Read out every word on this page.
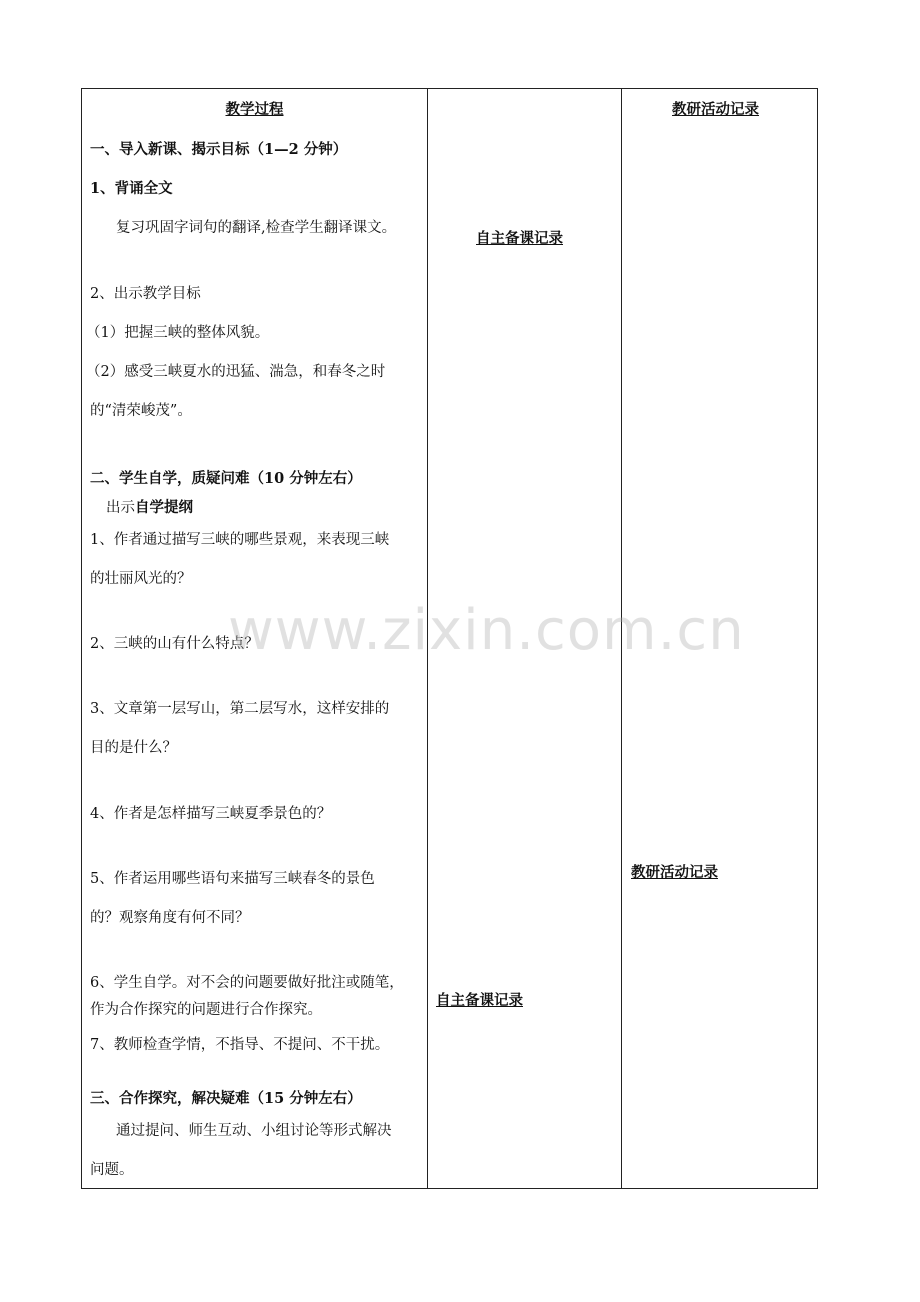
教学过程
一、导入新课、揭示目标（1—2 分钟）
1、背诵全文
复习巩固字词句的翻译,检查学生翻译课文。
2、出示教学目标
（1）把握三峡的整体风貌。
（2）感受三峡夏水的迅猛、湍急，和春冬之时
的“清荣峻茂”。
二、学生自学，质疑问难（10 分钟左右）
出示自学提纲
1、作者通过描写三峡的哪些景观，来表现三峡
的壮丽风光的？
2、三峡的山有什么特点？
3、文章第一层写山，第二层写水，这样安排的
目的是什么？
4、作者是怎样描写三峡夏季景色的？
5、作者运用哪些语句来描写三峡春冬的景色
的？观察角度有何不同？
6、学生自学。对不会的问题要做好批注或随笔，
作为合作探究的问题进行合作探究。
7、教师检查学情，不指导、不提问、不干扰。
三、合作探究，解决疑难（15 分钟左右）
通过提问、师生互动、小组讨论等形式解决
问题。
自主备课记录
自主备课记录
教研活动记录
教研活动记录
www.zixin.com.cn
